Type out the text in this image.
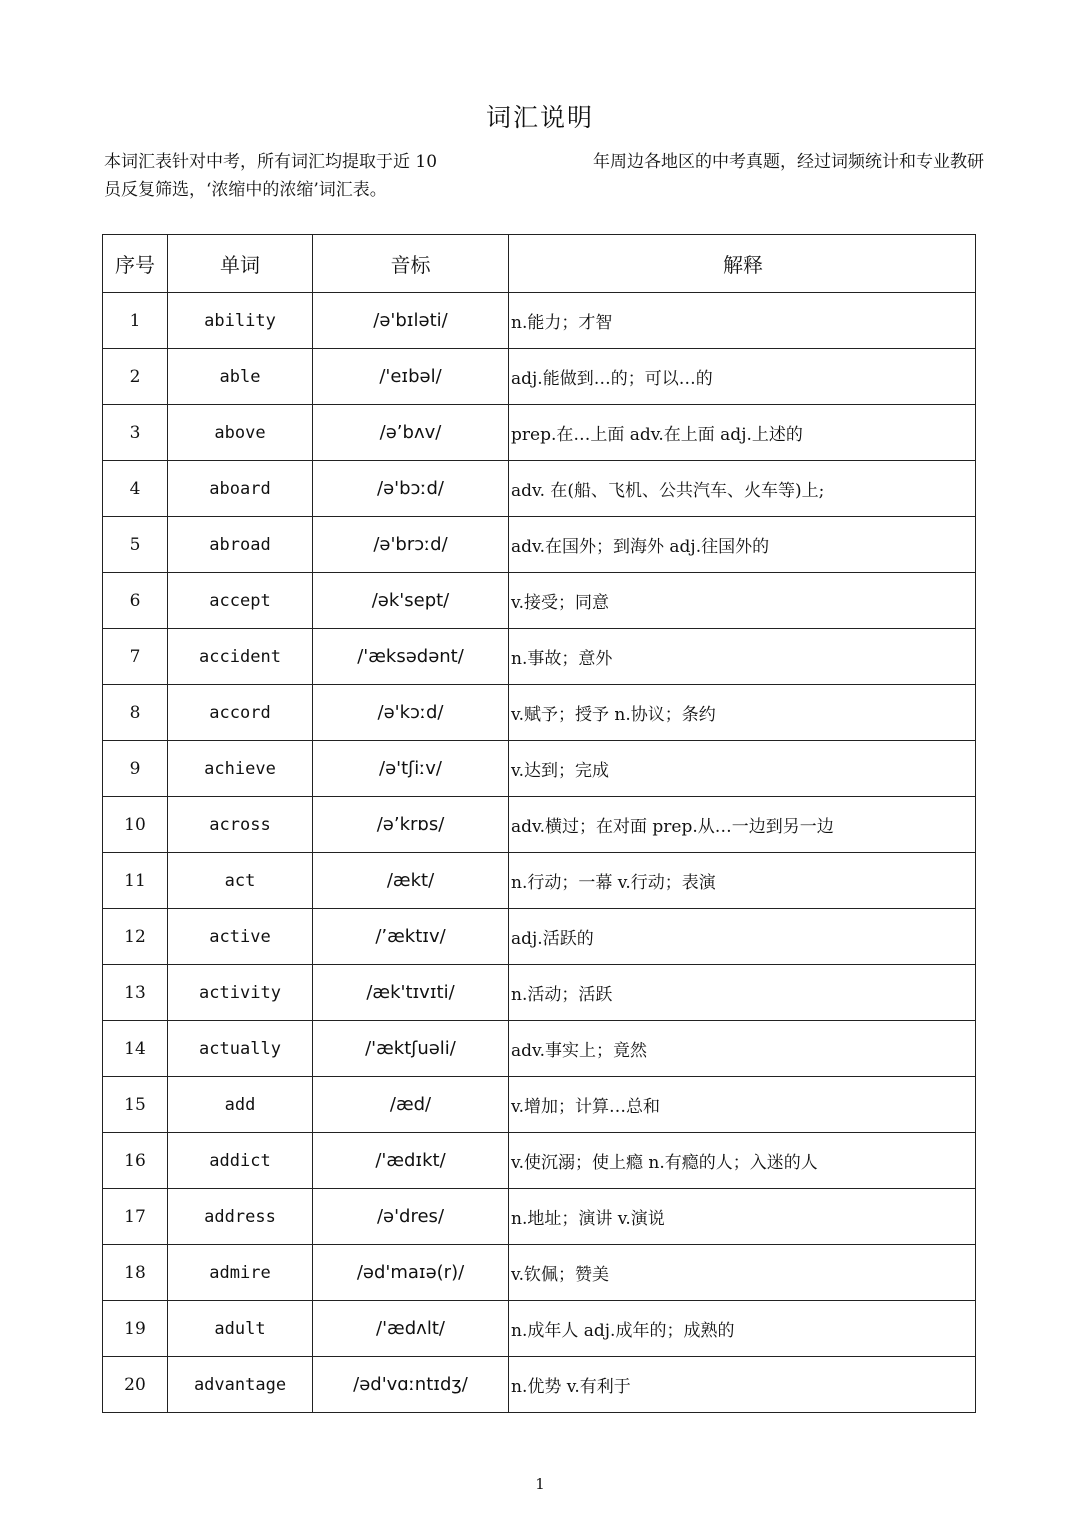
词汇说明
本词汇表针对中考，所有词汇均提取于近 10	年周边各地区的中考真题，经过词频统计和专业教研
员反复筛选，‘浓缩中的浓缩’词汇表。
序号	单词	音标	解释
1	ability	/ə'bɪləti/	n.能力；才智
2	able	/'eɪbəl/	adj.能做到…的；可以…的
3	above	/ə’bʌv/	prep.在…上面 adv.在上面 adj.上述的
4	aboard	/ə'bɔːd/	adv. 在(船、飞机、公共汽车、火车等)上;
5	abroad	/ə'brɔːd/	adv.在国外；到海外 adj.往国外的
6	accept	/ək'sept/	v.接受；同意
7	accident	/'æksədənt/	n.事故；意外
8	accord	/ə'kɔːd/	v.赋予；授予 n.协议；条约
9	achieve	/ə'tʃiːv/	v.达到；完成
10	across	/ə’krɒs/	adv.横过；在对面 prep.从…一边到另一边
11	act	/ækt/	n.行动；一幕 v.行动；表演
12	active	/’æktɪv/	adj.活跃的
13	activity	/æk'tɪvɪti/	n.活动；活跃
14	actually	/'æktʃuəli/	adv.事实上；竟然
15	add	/æd/	v.增加；计算…总和
16	addict	/'ædɪkt/	v.使沉溺；使上瘾 n.有瘾的人；入迷的人
17	address	/ə'dres/	n.地址；演讲 v.演说
18	admire	/əd'maɪə(r)/	v.钦佩；赞美
19	adult	/'ædʌlt/	n.成年人 adj.成年的；成熟的
20	advantage	/əd'vɑːntɪdʒ/	n.优势 v.有利于
1
